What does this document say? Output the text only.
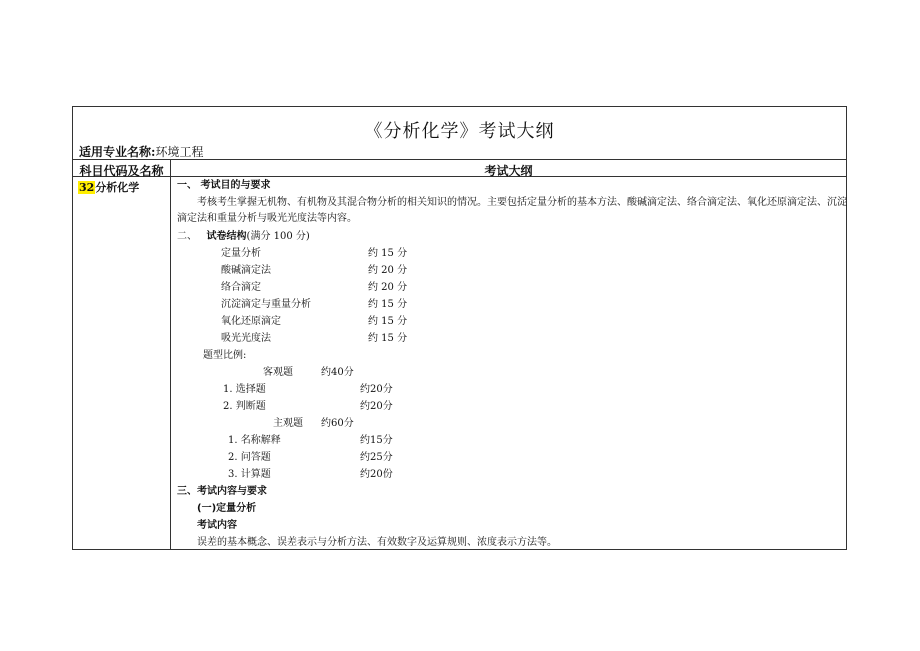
《分析化学》考试大纲
适用专业名称:环境工程
科目代码及名称	考试大纲
32分析化学	一、 考试目的与要求
考核考生掌握无机物、有机物及其混合物分析的相关知识的情况。主要包括定量分析的基本方法、酸碱滴定法、络合滴定法、氧化还原滴定法、沉淀
滴定法和重量分析与吸光光度法等内容。
二、 试卷结构(满分 100 分)
定量分析	约 15 分
酸碱滴定法	约 20 分
络合滴定	约 20 分
沉淀滴定与重量分析	约 15 分
氧化还原滴定	约 15 分
吸光光度法	约 15 分
题型比例:
客观题	约40分
1. 选择题	约20分
2. 判断题	约20分
主观题 约60分
1. 名称解释	约15分
2. 问答题	约25分
3. 计算题	约20份
三、考试内容与要求
(一)定量分析
考试内容
误差的基本概念、误差表示与分析方法、有效数字及运算规则、浓度表示方法等。
